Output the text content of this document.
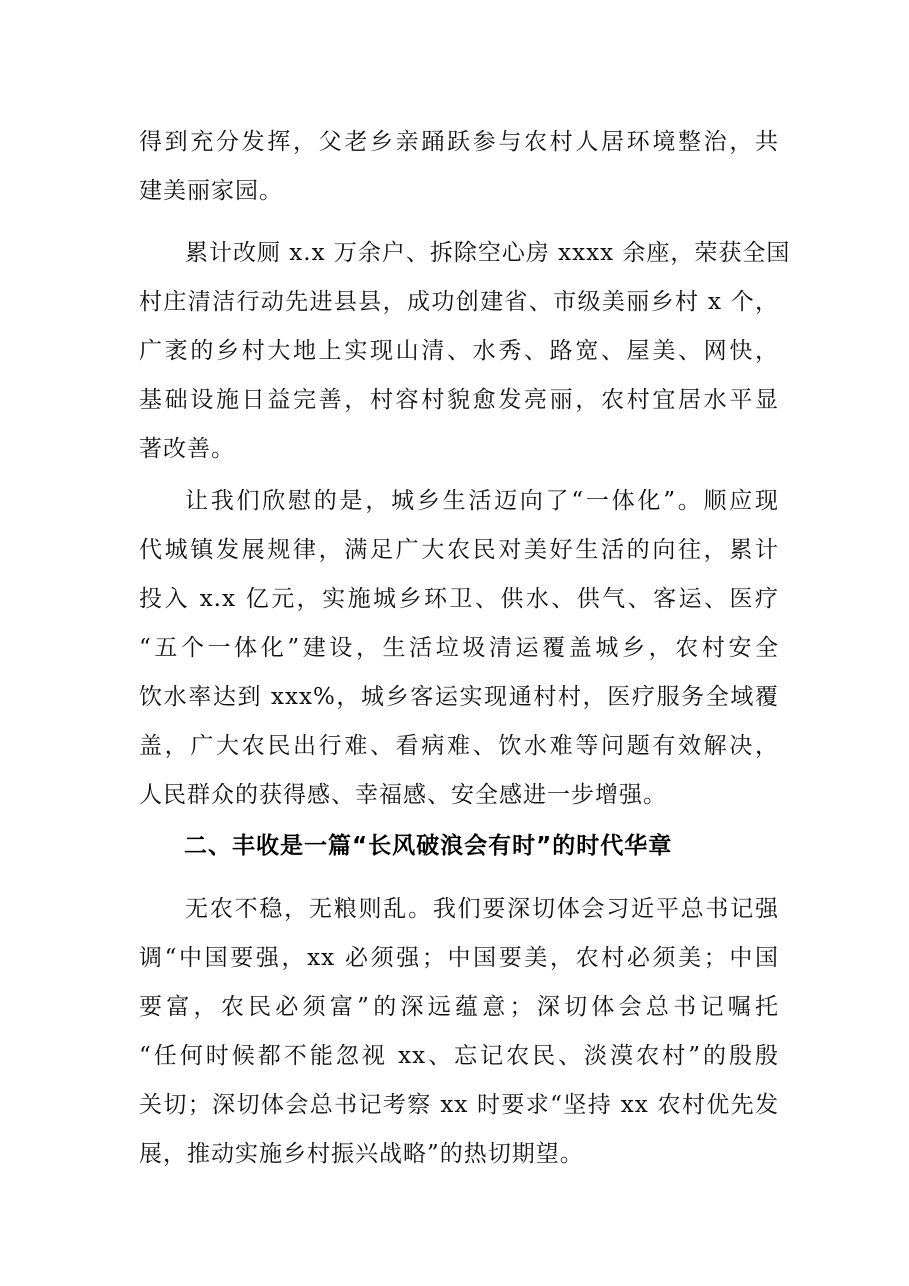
得到充分发挥，父老乡亲踊跃参与农村人居环境整治，共
建美丽家园。
累计改厕 x.x 万余户、拆除空心房 xxxx 余座，荣获全国
村庄清洁行动先进县县，成功创建省、市级美丽乡村 x 个，
广袤的乡村大地上实现山清、水秀、路宽、屋美、网快，
基础设施日益完善，村容村貌愈发亮丽，农村宜居水平显
著改善。
让我们欣慰的是，城乡生活迈向了“一体化”。顺应现
代城镇发展规律，满足广大农民对美好生活的向往，累计
投入 x.x 亿元，实施城乡环卫、供水、供气、客运、医疗
“五个一体化”建设，生活垃圾清运覆盖城乡，农村安全
饮水率达到 xxx%，城乡客运实现通村村，医疗服务全域覆
盖，广大农民出行难、看病难、饮水难等问题有效解决，
人民群众的获得感、幸福感、安全感进一步增强。
二、丰收是一篇“长风破浪会有时”的时代华章
无农不稳，无粮则乱。我们要深切体会习近平总书记强
调“中国要强，xx 必须强；中国要美，农村必须美；中国
要富，农民必须富”的深远蕴意；深切体会总书记嘱托
“任何时候都不能忽视 xx、忘记农民、淡漠农村”的殷殷
关切；深切体会总书记考察 xx 时要求“坚持 xx 农村优先发
展，推动实施乡村振兴战略”的热切期望。
